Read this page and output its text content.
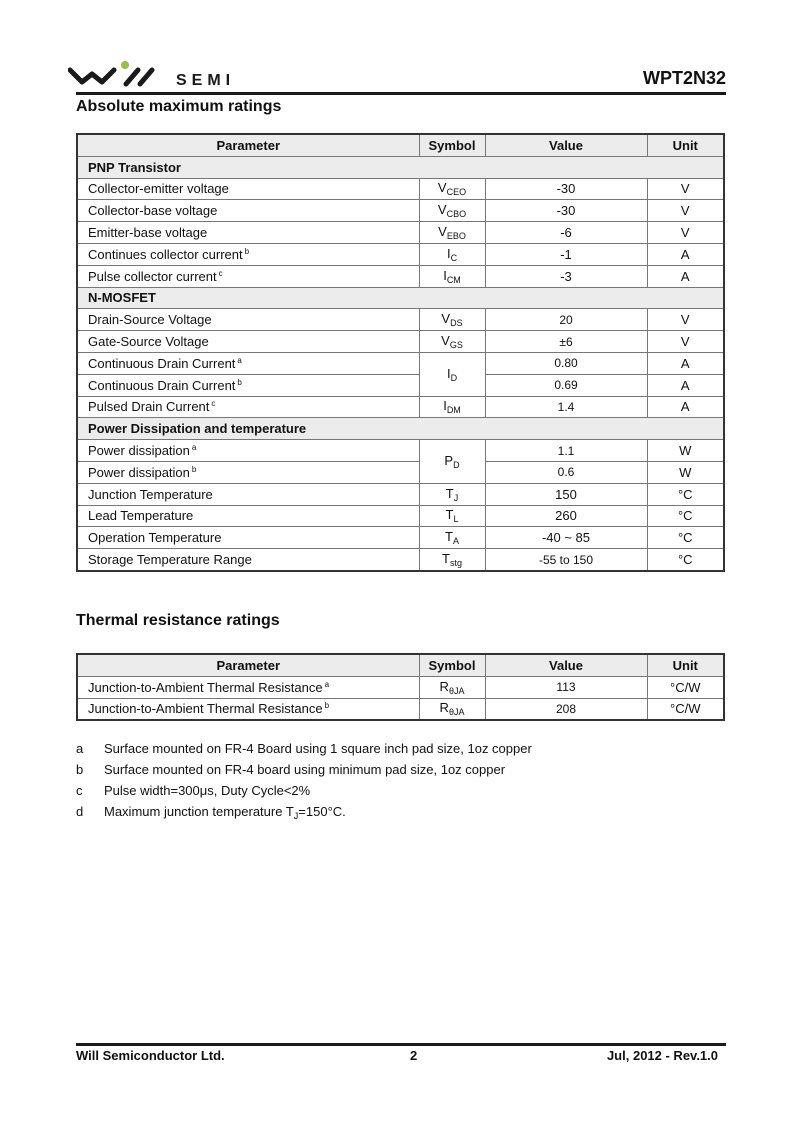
SEMI	WPT2N32
Absolute maximum ratings
Parameter	Symbol	Value	Unit
PNP Transistor			
Collector-emitter voltage	$V_{CEO}$	-30	V
Collector-base voltage	$V_{CBO}$	-30	V
Emitter-base voltage	$V_{EBO}$	-6	V
Continues collector current $^b$	$I_C$	-1	A
Pulse collector current $^c$	$I_{CM}$	-3	A
N-MOSFET			
Drain-Source Voltage	$V_{DS}$	20	V
Gate-Source Voltage	$V_{GS}$	±6	V
Continuous Drain Current $^a$	$I_D$	0.80	A
Continuous Drain Current $^b$		0.69	A
Pulsed Drain Current $^c$	$I_{DM}$	1.4	A
Power Dissipation and temperature			
Power dissipation $^a$	$P_D$	1.1	W
Power dissipation $^b$		0.6	W
Junction Temperature	$T_J$	150	°C
Lead Temperature	$T_L$	260	°C
Operation Temperature	$T_A$	-40 ~ 85	°C
Storage Temperature Range	$T_{stg}$	-55 to 150	°C
Thermal resistance ratings
Parameter	Symbol	Value	Unit
Junction-to-Ambient Thermal Resistance $^a$	$R_{\theta JA}$	113	°C/W
Junction-to-Ambient Thermal Resistance $^b$	$R_{\theta JA}$	208	°C/W
a	Surface mounted on FR-4 Board using 1 square inch pad size, 1oz copper
b	Surface mounted on FR-4 board using minimum pad size, 1oz copper
c	Pulse width=300μs, Duty Cycle<2%
d	Maximum junction temperature $T_J=150^\circ C$.
Will Semiconductor Ltd.	2	Jul, 2012 - Rev.1.0
